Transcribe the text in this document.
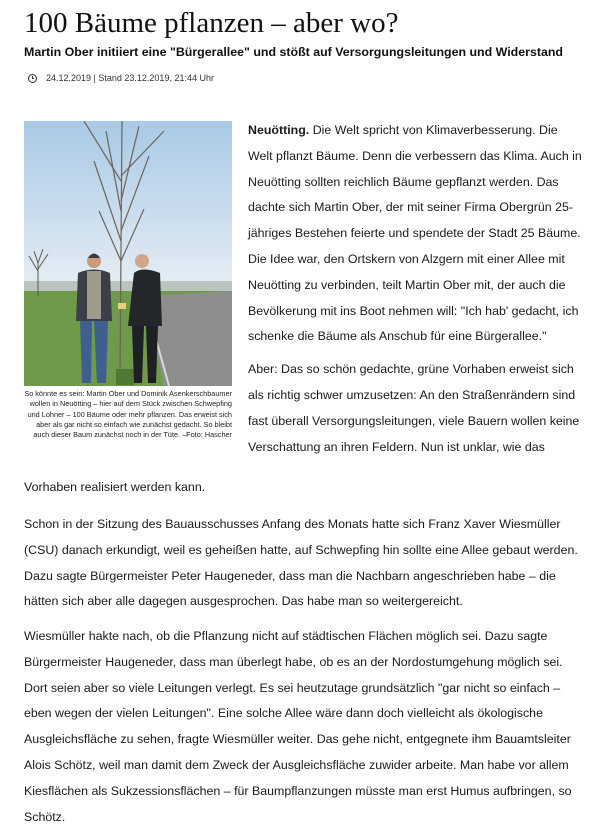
100 Bäume pflanzen – aber wo?
Martin Ober initiiert eine "Bürgerallee" und stößt auf Versorgungsleitungen und Widerstand
24.12.2019 | Stand 23.12.2019, 21:44 Uhr
So könnte es sein: Martin Ober und Dominik Asenkerschbaumer wollen in Neuötting – hier auf dem Stück zwischen Schwepfing und Lohner – 100 Bäume oder mehr pflanzen. Das erweist sich aber als gar nicht so einfach wie zunächst gedacht. So bleibt auch dieser Baum zunächst noch in der Tüte. –Foto: Hascher

Neuötting. Die Welt spricht von Klimaverbesserung. Die Welt pflanzt Bäume. Denn die verbessern das Klima. Auch in Neuötting sollten reichlich Bäume gepflanzt werden. Das dachte sich Martin Ober, der mit seiner Firma Obergrün 25-jähriges Bestehen feierte und spendete der Stadt 25 Bäume. Die Idee war, den Ortskern von Alzgern mit einer Allee mit Neuötting zu verbinden, teilt Martin Ober mit, der auch die Bevölkerung mit ins Boot nehmen will: "Ich hab' gedacht, ich schenke die Bäume als Anschub für eine Bürgerallee."

Aber: Das so schön gedachte, grüne Vorhaben erweist sich als richtig schwer umzusetzen: An den Straßenrändern sind fast überall Versorgungsleitungen, viele Bauern wollen keine Verschattung an ihren Feldern. Nun ist unklar, wie das

Vorhaben realisiert werden kann.

Schon in der Sitzung des Bauausschusses Anfang des Monats hatte sich Franz Xaver Wiesmüller (CSU) danach erkundigt, weil es geheißen hatte, auf Schwepfing hin sollte eine Allee gebaut werden. Dazu sagte Bürgermeister Peter Haugeneder, dass man die Nachbarn angeschrieben habe – die hätten sich aber alle dagegen ausgesprochen. Das habe man so weitergereicht.

Wiesmüller hakte nach, ob die Pflanzung nicht auf städtischen Flächen möglich sei. Dazu sagte Bürgermeister Haugeneder, dass man überlegt habe, ob es an der Nordostumgehung möglich sei. Dort seien aber so viele Leitungen verlegt. Es sei heutzutage grundsätzlich "gar nicht so einfach – eben wegen der vielen Leitungen". Eine solche Allee wäre dann doch vielleicht als ökologische Ausgleichsfläche zu sehen, fragte Wiesmüller weiter. Das gehe nicht, entgegnete ihm Bauamtsleiter Alois Schötz, weil man damit dem Zweck der Ausgleichsfläche zuwider arbeite. Man habe vor allem Kiesflächen als Sukzessionsflächen – für Baumpflanzungen müsste man erst Humus aufbringen, so Schötz.
